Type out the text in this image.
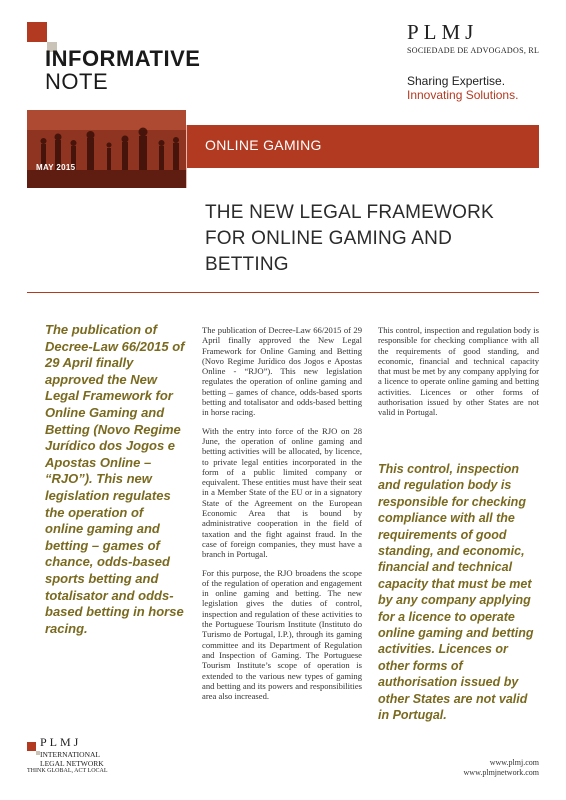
INFORMATIVE
NOTE
PLMJ
SOCIEDADE DE ADVOGADOS, RL
Sharing Expertise.
Innovating Solutions.
ONLINE GAMING
MAY 2015
THE NEW LEGAL FRAMEWORK FOR ONLINE GAMING AND BETTING
The publication of Decree-Law 66/2015 of 29 April finally approved the New Legal Framework for Online Gaming and Betting (Novo Regime Jurídico dos Jogos e Apostas Online – “RJO”). This new legislation regulates the operation of online gaming and betting – games of chance, odds-based sports betting and totalisator and odds-based betting in horse racing.

The publication of Decree-Law 66/2015 of 29 April finally approved the New Legal Framework for Online Gaming and Betting (Novo Regime Jurídico dos Jogos e Apostas Online - “RJO”). This new legislation regulates the operation of online gaming and betting – games of chance, odds-based sports betting and totalisator and odds-based betting in horse racing.

With the entry into force of the RJO on 28 June, the operation of online gaming and betting activities will be allocated, by licence, to private legal entities incorporated in the form of a public limited company or equivalent. These entities must have their seat in a Member State of the EU or in a signatory State of the Agreement on the European Economic Area that is bound by administrative cooperation in the field of taxation and the fight against fraud. In the case of foreign companies, they must have a branch in Portugal.

For this purpose, the RJO broadens the scope of the regulation of operation and engagement in online gaming and betting. The new legislation gives the duties of control, inspection and regulation of these activities to the Portuguese Tourism Institute (Instituto do Turismo de Portugal, I.P.), through its gaming committee and its Department of Regulation and Inspection of Gaming. The Portuguese Tourism Institute’s scope of operation is extended to the various new types of gaming and betting and its powers and responsibilities area also increased.

This control, inspection and regulation body is responsible for checking compliance with all the requirements of good standing, and economic, financial and technical capacity that must be met by any company applying for a licence to operate online gaming and betting activities. Licences or other forms of authorisation issued by other States are not valid in Portugal.

This control, inspection and regulation body is responsible for checking compliance with all the requirements of good standing, and economic, financial and technical capacity that must be met by any company applying for a licence to operate online gaming and betting activities. Licences or other forms of authorisation issued by other States are not valid in Portugal.
PLMJ
INTERNATIONAL
LEGAL NETWORK
THINK GLOBAL, ACT LOCAL
www.plmj.com
www.plmjnetwork.com
